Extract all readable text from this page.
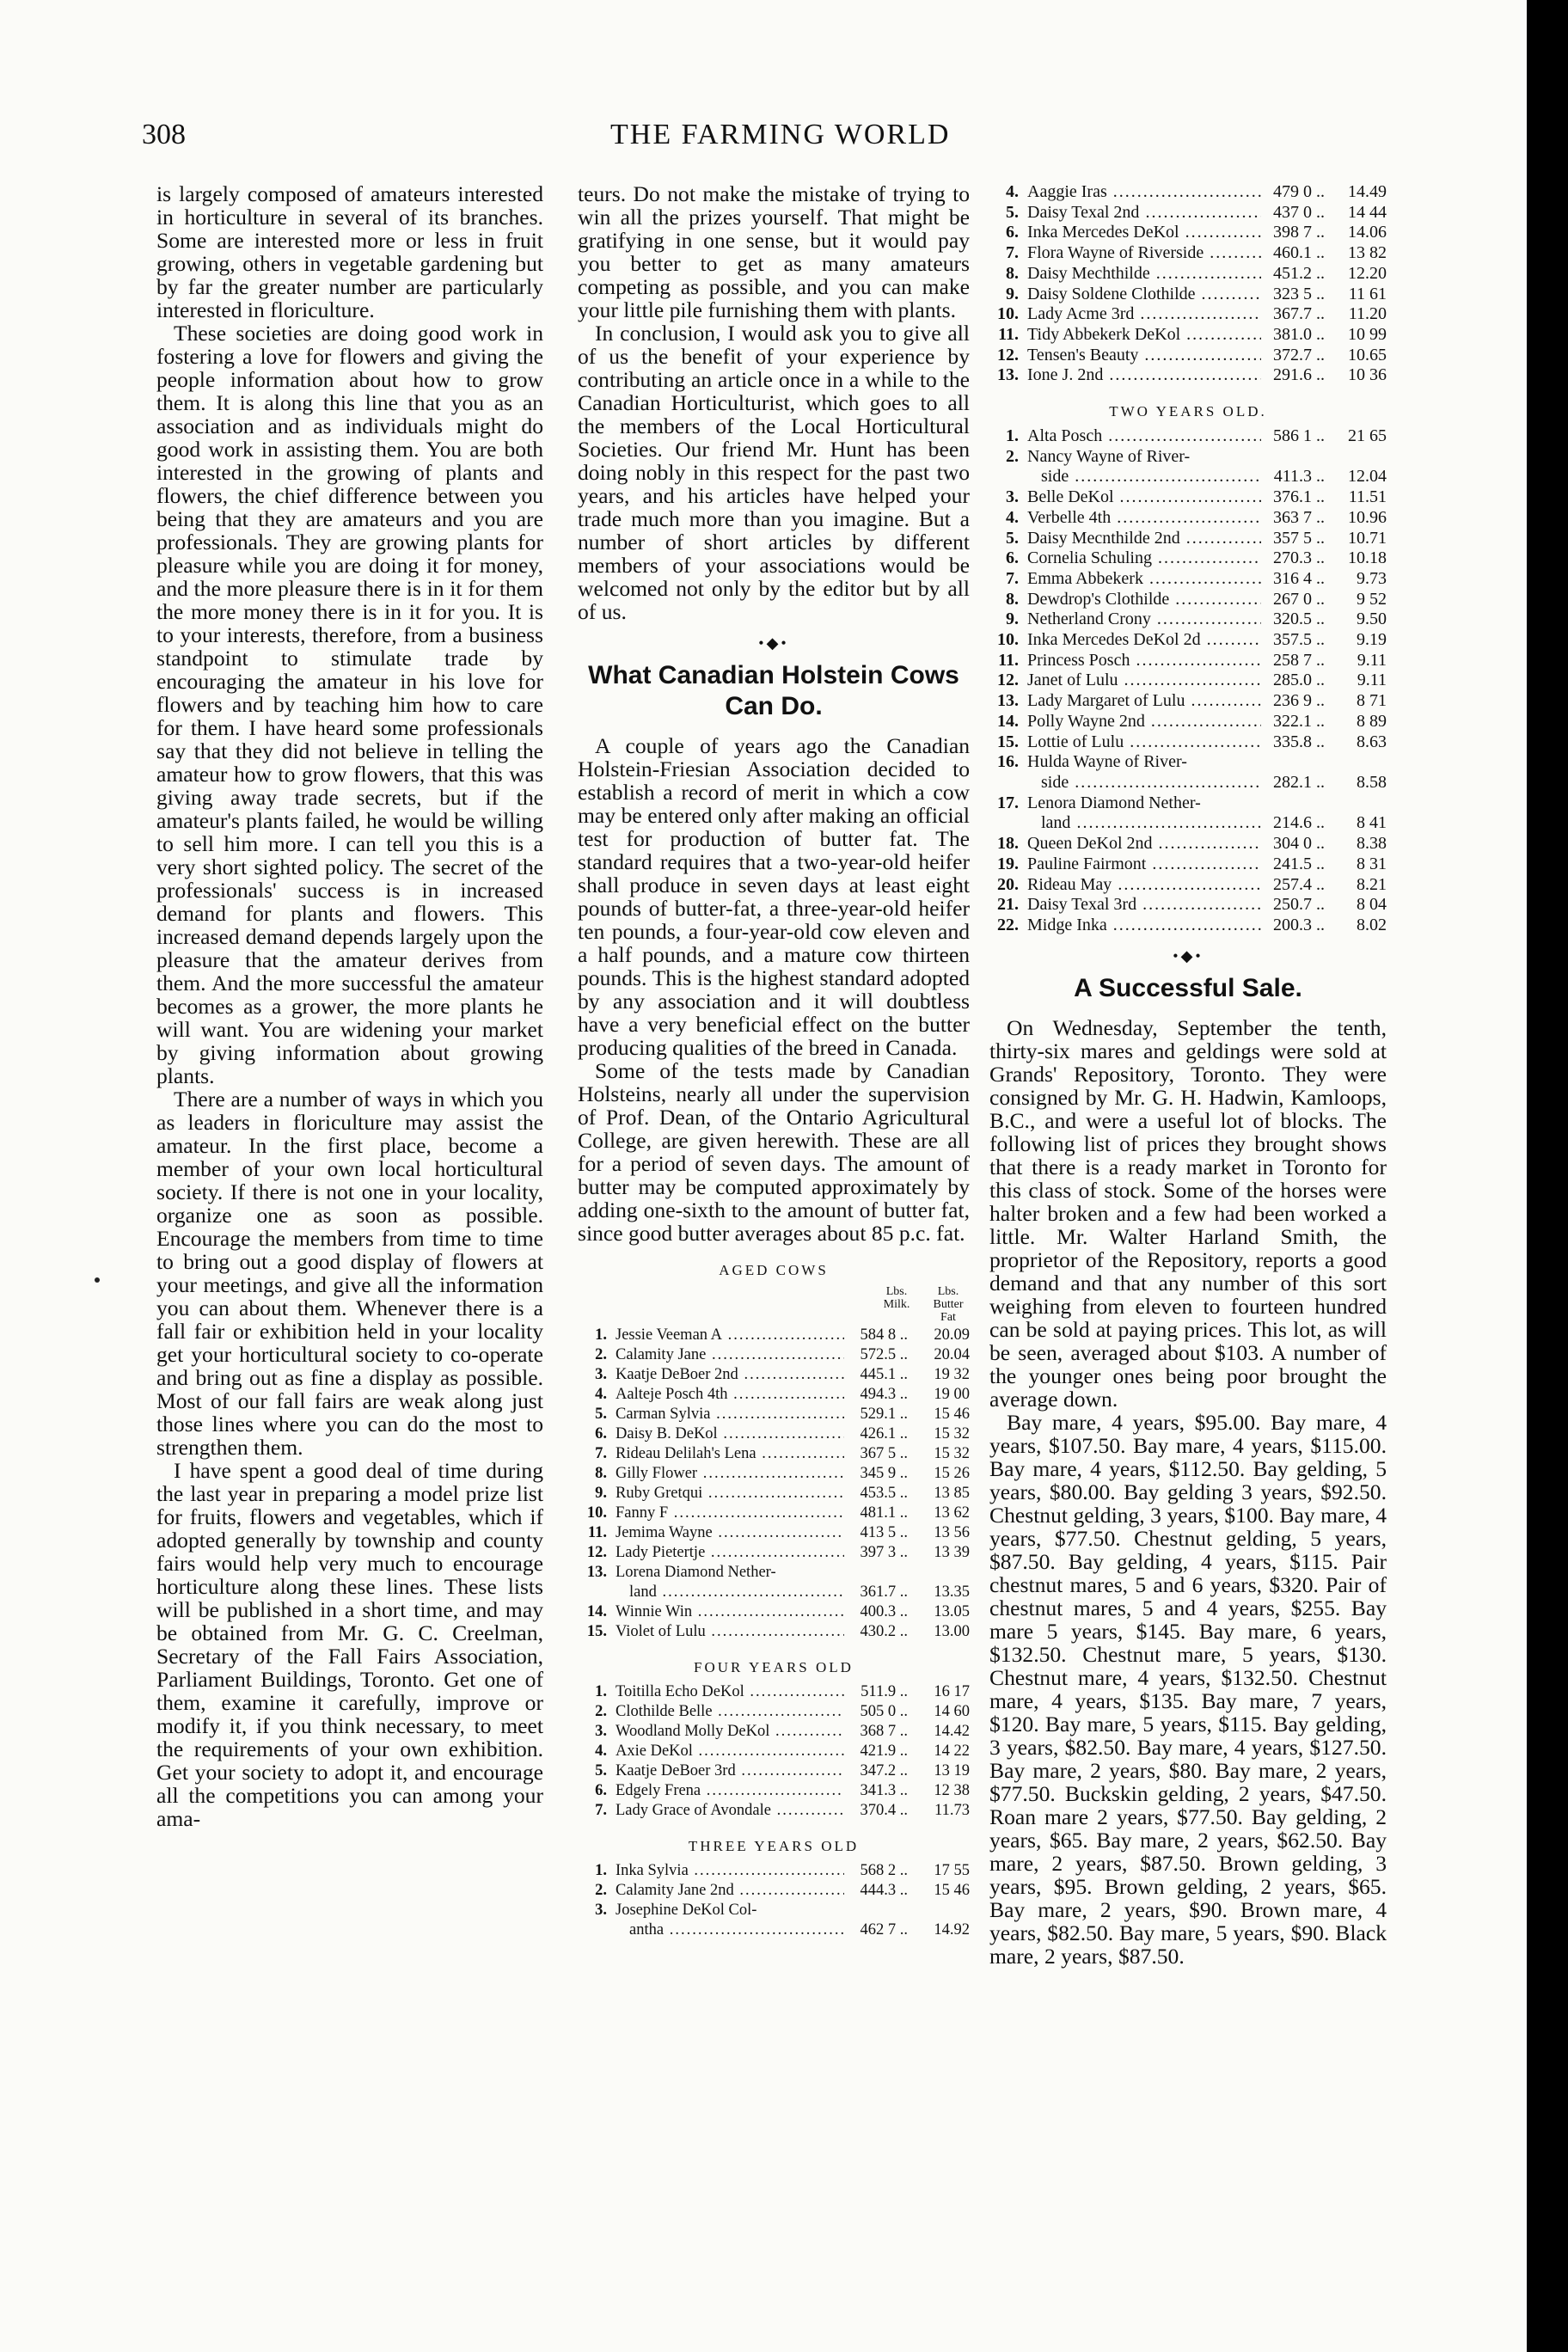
308	THE FARMING WORLD

is largely composed of amateurs interested in horticulture in several of its branches. Some are interested more or less in fruit growing, others in vegetable gardening but by far the greater number are particularly interested in floriculture.

These societies are doing good work in fostering a love for flowers and giving the people information about how to grow them. It is along this line that you as an association and as individuals might do good work in assisting them. You are both interested in the growing of plants and flowers, the chief difference between you being that they are amateurs and you are professionals. They are growing plants for pleasure while you are doing it for money, and the more pleasure there is in it for them the more money there is in it for you. It is to your interests, therefore, from a business standpoint to stimulate trade by encouraging the amateur in his love for flowers and by teaching him how to care for them. I have heard some professionals say that they did not believe in telling the amateur how to grow flowers, that this was giving away trade secrets, but if the amateur's plants failed, he would be willing to sell him more. I can tell you this is a very short sighted policy. The secret of the professionals' success is in increased demand for plants and flowers. This increased demand depends largely upon the pleasure that the amateur derives from them. And the more successful the amateur becomes as a grower, the more plants he will want. You are widening your market by giving information about growing plants.

There are a number of ways in which you as leaders in floriculture may assist the amateur. In the first place, become a member of your own local horticultural society. If there is not one in your locality, organize one as soon as possible. Encourage the members from time to time to bring out a good display of flowers at your meetings, and give all the information you can about them. Whenever there is a fall fair or exhibition held in your locality get your horticultural society to co-operate and bring out as fine a display as possible. Most of our fall fairs are weak along just those lines where you can do the most to strengthen them.

I have spent a good deal of time during the last year in preparing a model prize list for fruits, flowers and vegetables, which if adopted generally by township and county fairs would help very much to encourage horticulture along these lines. These lists will be published in a short time, and may be obtained from Mr. G. C. Creelman, Secretary of the Fall Fairs Association, Parliament Buildings, Toronto. Get one of them, examine it carefully, improve or modify it, if you think necessary, to meet the requirements of your own exhibition. Get your society to adopt it, and encourage all the competitions you can among your ama-

teurs. Do not make the mistake of trying to win all the prizes yourself. That might be gratifying in one sense, but it would pay you better to get as many amateurs competing as possible, and you can make your little pile furnishing them with plants.

In conclusion, I would ask you to give all of us the benefit of your experience by contributing an article once in a while to the Canadian Horticulturist, which goes to all the members of the Local Horticultural Societies. Our friend Mr. Hunt has been doing nobly in this respect for the past two years, and his articles have helped your trade much more than you imagine. But a number of short articles by different members of your associations would be welcomed not only by the editor but by all of us.

•◆•
What Canadian Holstein Cows Can Do.

A couple of years ago the Canadian Holstein-Friesian Association decided to establish a record of merit in which a cow may be entered only after making an official test for production of butter fat. The standard requires that a two-year-old heifer shall produce in seven days at least eight pounds of butter-fat, a three-year-old heifer ten pounds, a four-year-old cow eleven and a half pounds, and a mature cow thirteen pounds. This is the highest standard adopted by any association and it will doubtless have a very beneficial effect on the butter producing qualities of the breed in Canada.

Some of the tests made by Canadian Holsteins, nearly all under the supervision of Prof. Dean, of the Ontario Agricultural College, are given herewith. These are all for a period of seven days. The amount of butter may be computed approximately by adding one-sixth to the amount of butter fat, since good butter averages about 85 p.c. fat.

AGED COWS
Lbs. Milk.
Lbs. Butter Fat
1. Jessie Veeman A .....	584 8 ..	20.09
2. Calamity Jane .....	572.5 ..	20.04
3. Kaatje DeBoer 2nd .....	445.1 ..	19 32
4. Aalteje Posch 4th .....	494.3 ..	19 00
5. Carman Sylvia .....	529.1 ..	15 46
6. Daisy B. DeKol .....	426.1 ..	15 32
7. Rideau Delilah's Lena .....	367 5 ..	15 32
8. Gilly Flower .....	345 9 ..	15 26
9. Ruby Gretqui .....	453.5 ..	13 85
10. Fanny F .....	481.1 ..	13 62
11. Jemima Wayne .....	413 5 ..	13 56
12. Lady Pietertje .....	397 3 ..	13 39
13. Lorena Diamond Nether-
land .....	361.7 ..	13.35
14. Winnie Win .....	400.3 ..	13.05
15. Violet of Lulu .....	430.2 ..	13.00
FOUR YEARS OLD
1. Toitilla Echo DeKol .....	511.9 ..	16 17
2. Clothilde Belle .....	505 0 ..	14 60
3. Woodland Molly DeKol .....	368 7 ..	14.42
4. Axie DeKol .....	421.9 ..	14 22
5. Kaatje DeBoer 3rd .....	347.2 ..	13 19
6. Edgely Frena .....	341.3 ..	12 38
7. Lady Grace of Avondale .....	370.4 ..	11.73
THREE YEARS OLD
1. Inka Sylvia .....	568 2 ..	17 55
2. Calamity Jane 2nd .....	444.3 ..	15 46
3. Josephine DeKol Col-
antha .....	462 7 ..	14.92
4. Aaggie Iras .....	479 0 ..	14.49
5. Daisy Texal 2nd .....	437 0 ..	14 44
6. Inka Mercedes DeKol .....	398 7 ..	14.06
7. Flora Wayne of Riverside .....	460.1 ..	13 82
8. Daisy Mechthilde .....	451.2 ..	12.20
9. Daisy Soldene Clothilde .....	323 5 ..	11 61
10. Lady Acme 3rd .....	367.7 ..	11.20
11. Tidy Abbekerk DeKol .....	381.0 ..	10 99
12. Tensen's Beauty .....	372.7 ..	10.65
13. Ione J. 2nd .....	291.6 ..	10 36
TWO YEARS OLD.
1. Alta Posch .....	586 1 ..	21 65
2. Nancy Wayne of River-
side .....	411.3 ..	12.04
3. Belle DeKol .....	376.1 ..	11.51
4. Verbelle 4th .....	363 7 ..	10.96
5. Daisy Mecnthilde 2nd .....	357 5 ..	10.71
6. Cornelia Schuling .....	270.3 ..	10.18
7. Emma Abbekerk .....	316 4 ..	9.73
8. Dewdrop's Clothilde .....	267 0 ..	9 52
9. Netherland Crony .....	320.5 ..	9.50
10. Inka Mercedes DeKol 2d .....	357.5 ..	9.19
11. Princess Posch .....	258 7 ..	9.11
12. Janet of Lulu .....	285.0 ..	9.11
13. Lady Margaret of Lulu .....	236 9 ..	8 71
14. Polly Wayne 2nd .....	322.1 ..	8 89
15. Lottie of Lulu .....	335.8 ..	8.63
16. Hulda Wayne of River-
side .....	282.1 ..	8.58
17. Lenora Diamond Nether-
land .....	214.6 ..	8 41
18. Queen DeKol 2nd .....	304 0 ..	8.38
19. Pauline Fairmont .....	241.5 ..	8 31
20. Rideau May .....	257.4 ..	8.21
21. Daisy Texal 3rd .....	250.7 ..	8 04
22. Midge Inka .....	200.3 ..	8.02
•◆•
A Successful Sale.

On Wednesday, September the tenth, thirty-six mares and geldings were sold at Grands' Repository, Toronto. They were consigned by Mr. G. H. Hadwin, Kamloops, B.C., and were a useful lot of blocks. The following list of prices they brought shows that there is a ready market in Toronto for this class of stock. Some of the horses were halter broken and a few had been worked a little. Mr. Walter Harland Smith, the proprietor of the Repository, reports a good demand and that any number of this sort weighing from eleven to fourteen hundred can be sold at paying prices. This lot, as will be seen, averaged about $103. A number of the younger ones being poor brought the average down.

Bay mare, 4 years, $95.00. Bay mare, 4 years, $107.50. Bay mare, 4 years, $115.00. Bay mare, 4 years, $112.50. Bay gelding, 5 years, $80.00. Bay gelding 3 years, $92.50. Chestnut gelding, 3 years, $100. Bay mare, 4 years, $77.50. Chestnut gelding, 5 years, $87.50. Bay gelding, 4 years, $115. Pair chestnut mares, 5 and 6 years, $320. Pair of chestnut mares, 5 and 4 years, $255. Bay mare 5 years, $145. Bay mare, 6 years, $132.50. Chestnut mare, 5 years, $130. Chestnut mare, 4 years, $132.50. Chestnut mare, 4 years, $135. Bay mare, 7 years, $120. Bay mare, 5 years, $115. Bay gelding, 3 years, $82.50. Bay mare, 4 years, $127.50. Bay mare, 2 years, $80. Bay mare, 2 years, $77.50. Buckskin gelding, 2 years, $47.50. Roan mare 2 years, $77.50. Bay gelding, 2 years, $65. Bay mare, 2 years, $62.50. Bay mare, 2 years, $87.50. Brown gelding, 3 years, $95. Brown gelding, 2 years, $65. Bay mare, 2 years, $90. Brown mare, 4 years, $82.50. Bay mare, 5 years, $90. Black mare, 2 years, $87.50.
